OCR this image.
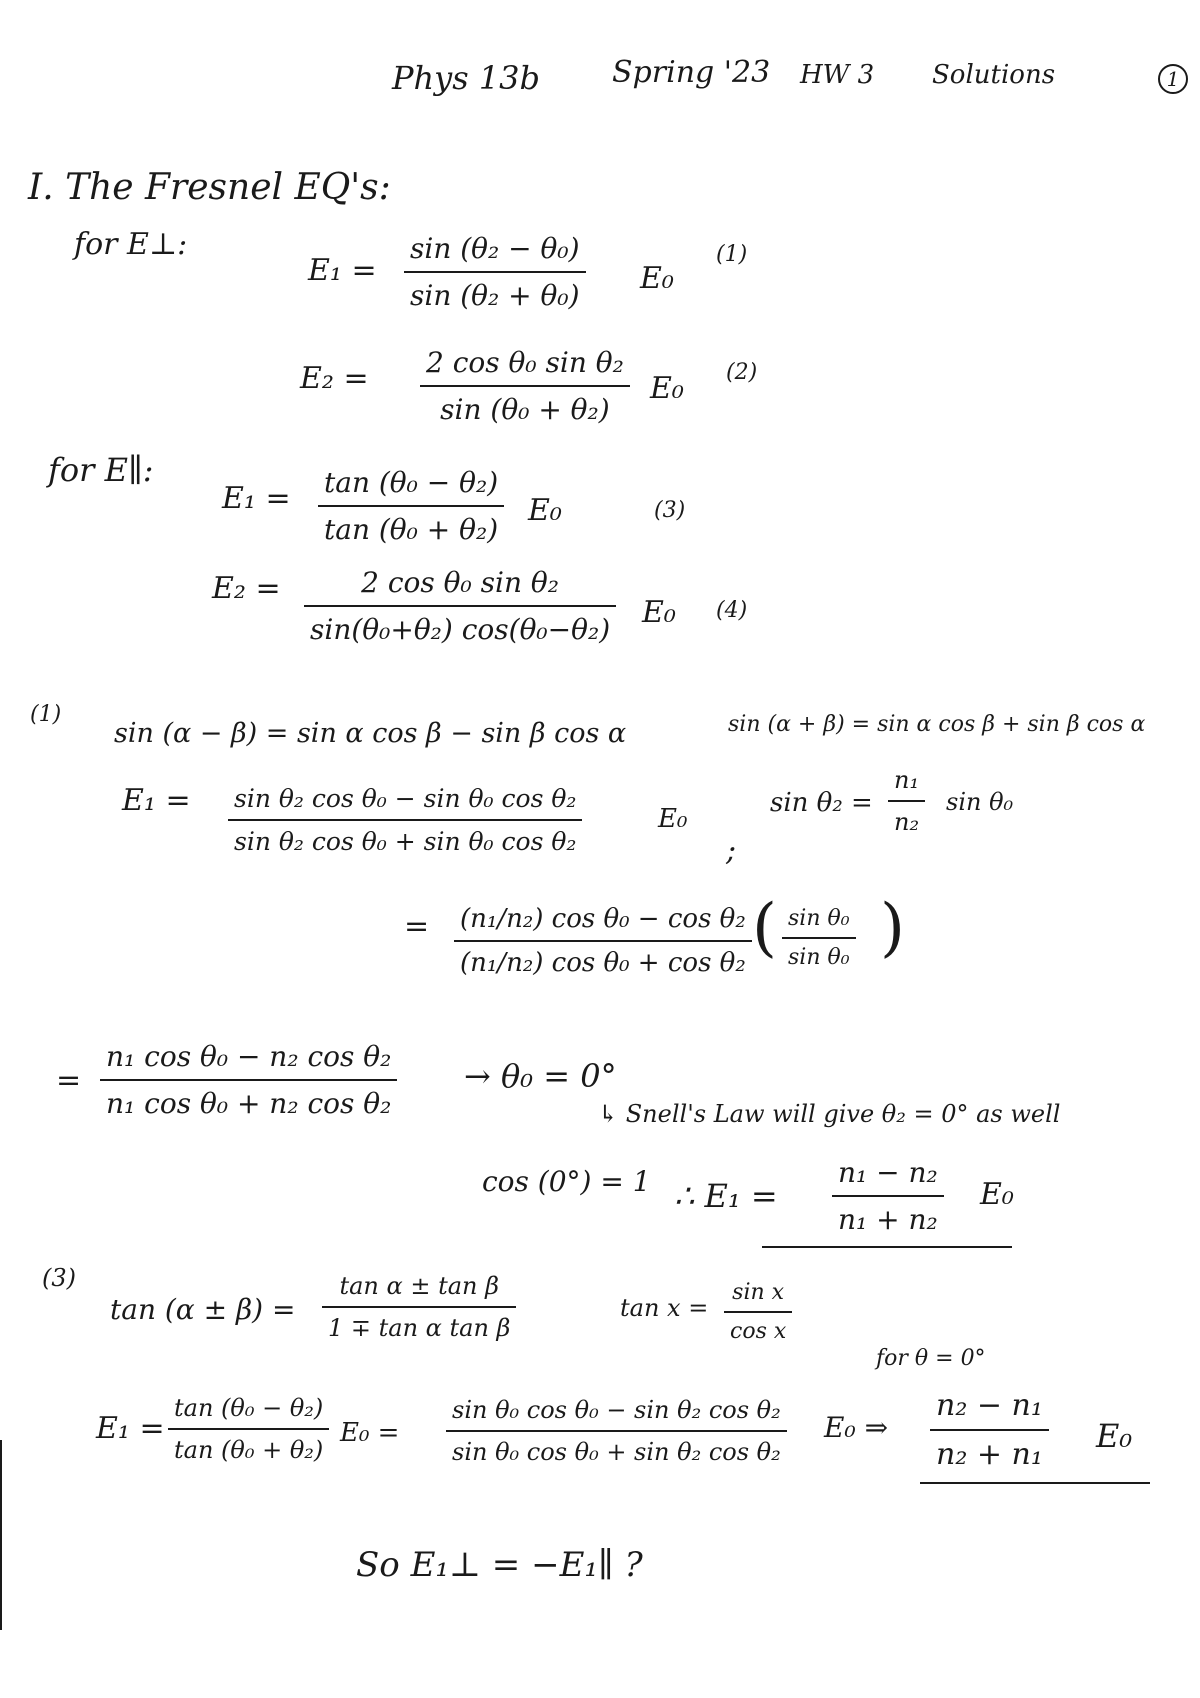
Phys 13b Spring '23 HW 3 Solutions	1
I. The Fresnel EQ's:
for E⊥:
E₁ =
sin (θ₂ − θ₀)
sin (θ₂ + θ₀) E₀
(1)
E₂ = 2 cos θ₀ sin θ₂
sin (θ₀ + θ₂)
E₀ (2)
for E∥:
E₁ = tan (θ₀ − θ₂)
tan (θ₀ + θ₂)
E₀	(3)
E₂ =	2 cos θ₀ sin θ₂
sin(θ₀+θ₂) cos(θ₀−θ₂) E₀ (4)
(1)
sin (α − β) = sin α cos β − sin β cos α	sin (α + β) = sin α cos β + sin β cos α
E₁ = sin θ₂ cos θ₀ − sin θ₀ cos θ₂
sin θ₂ cos θ₀ + sin θ₀ cos θ₂
E₀
;
sin θ₂ =
n₁
n₂
sin θ₀
= (n₁/n₂) cos θ₀ − cos θ₂
(n₁/n₂) cos θ₀ + cos θ₂ ( sin θ₀
sin θ₀ )
=
n₁ cos θ₀ − n₂ cos θ₂
n₁ cos θ₀ + n₂ cos θ₂
→ θ₀ = 0°
↳ Snell's Law will give θ₂ = 0° as well
cos (0°) = 1 ∴ E₁ =
n₁ − n₂
n₁ + n₂
E₀
(3)
tan (α ± β) =
tan α ± tan β
1 ∓ tan α tan β
tan x =
sin x
cos x
for θ = 0°
E₁ =
tan (θ₀ − θ₂)
tan (θ₀ + θ₂)
E₀ =
sin θ₀ cos θ₀ − sin θ₂ cos θ₂
sin θ₀ cos θ₀ + sin θ₂ cos θ₂
E₀ ⇒
n₂ − n₁
n₂ + n₁ E₀
So E₁⊥ = −E₁∥ ?
